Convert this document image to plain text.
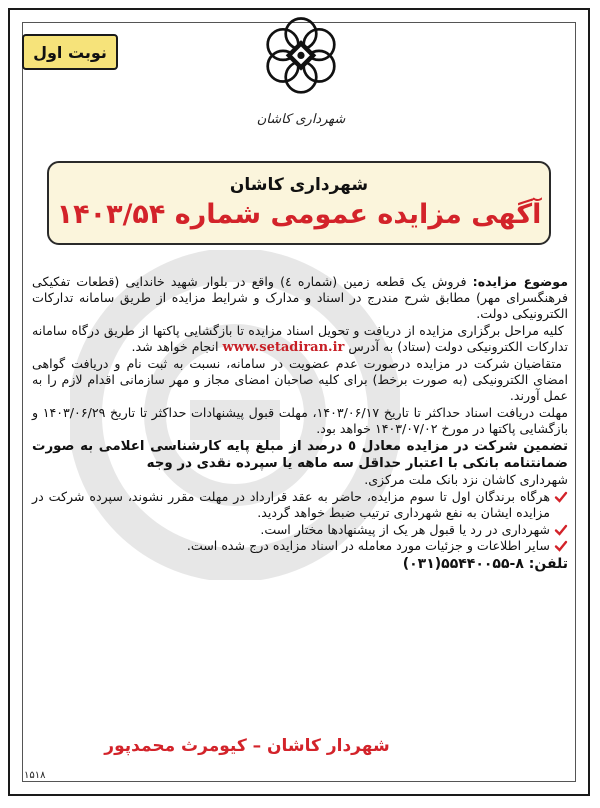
نوبت اول
شهرداری کاشان
شهرداری کاشان
آگهی مزایده عمومی شماره ۱۴۰۳/۵۴

موضوع مزایده: فروش یک قطعه زمین (شماره ٤) واقع در بلوار شهید خاندایی (قطعات تفکیکی فرهنگسرای مهر) مطابق شرح مندرج در اسناد و مدارک و شرایط مزایده از طریق سامانه تدارکات الکترونیکی دولت.

کلیه مراحل برگزاری مزایده از دریافت و تحویل اسناد مزایده تا بازگشایی پاکتها از طریق درگاه سامانه تدارکات الکترونیکی دولت (ستاد) به آدرس www.setadiran.ir انجام خواهد شد.

متقاضیان شرکت در مزایده درصورت عدم عضویت در سامانه، نسبت به ثبت نام و دریافت گواهی امضای الکترونیکی (به صورت برخط) برای کلیه صاحبان امضای مجاز و مهر سازمانی اقدام لازم را به عمل آورند.

مهلت دریافت اسناد حداکثر تا تاریخ ۱۴۰۳/۰۶/۱۷، مهلت قبول پیشنهادات حداکثر تا تاریخ ۱۴۰۳/۰۶/۲۹ و بازگشایی پاکتها در مورخ ۱۴۰۳/۰۷/۰۲ خواهد بود.

تضمین شرکت در مزایده معادل ٥ درصد از مبلغ پایه کارشناسی اعلامی به صورت ضمانتنامه بانکی با اعتبار حداقل سه ماهه یا سپرده نقدی در وجه

شهرداری کاشان نزد بانک ملت مرکزی.

هرگاه برندگان اول تا سوم مزایده، حاضر به عقد قرارداد در مهلت مقرر نشوند، سپرده شرکت در مزایده ایشان به نفع شهرداری ترتیب ضبط خواهد گردید.
شهرداری در رد یا قبول هر یک از پیشنهادها مختار است.
سایر اطلاعات و جزئیات مورد معامله در اسناد مزایده درج شده است.

تلفن: (۰۳۱)۵۵۴۴۰۰۵۵-۸

شهردار کاشان – کیومرث محمدپور
۱۵۱۸
